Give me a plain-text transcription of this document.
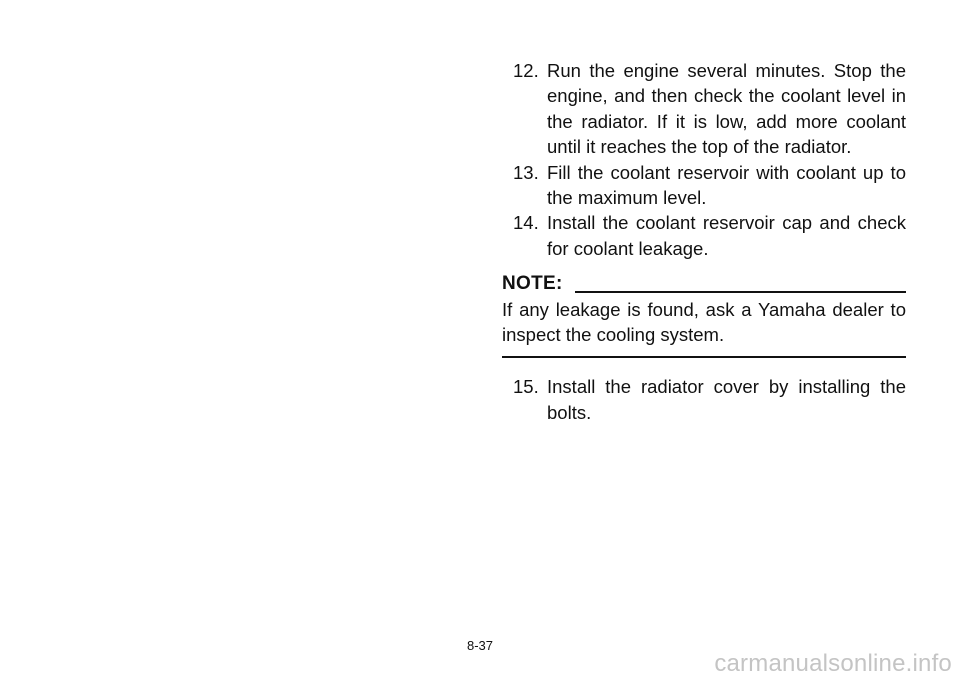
12. Run the engine several minutes. Stop the engine, and then check the coolant level in the radiator. If it is low, add more coolant until it reaches the top of the radiator.
13. Fill the coolant reservoir with coolant up to the maximum level.
14. Install the coolant reservoir cap and check for coolant leakage.
NOTE:
If any leakage is found, ask a Yamaha dealer to inspect the cooling system.
15. Install the radiator cover by installing the bolts.
8-37
carmanualsonline.info
